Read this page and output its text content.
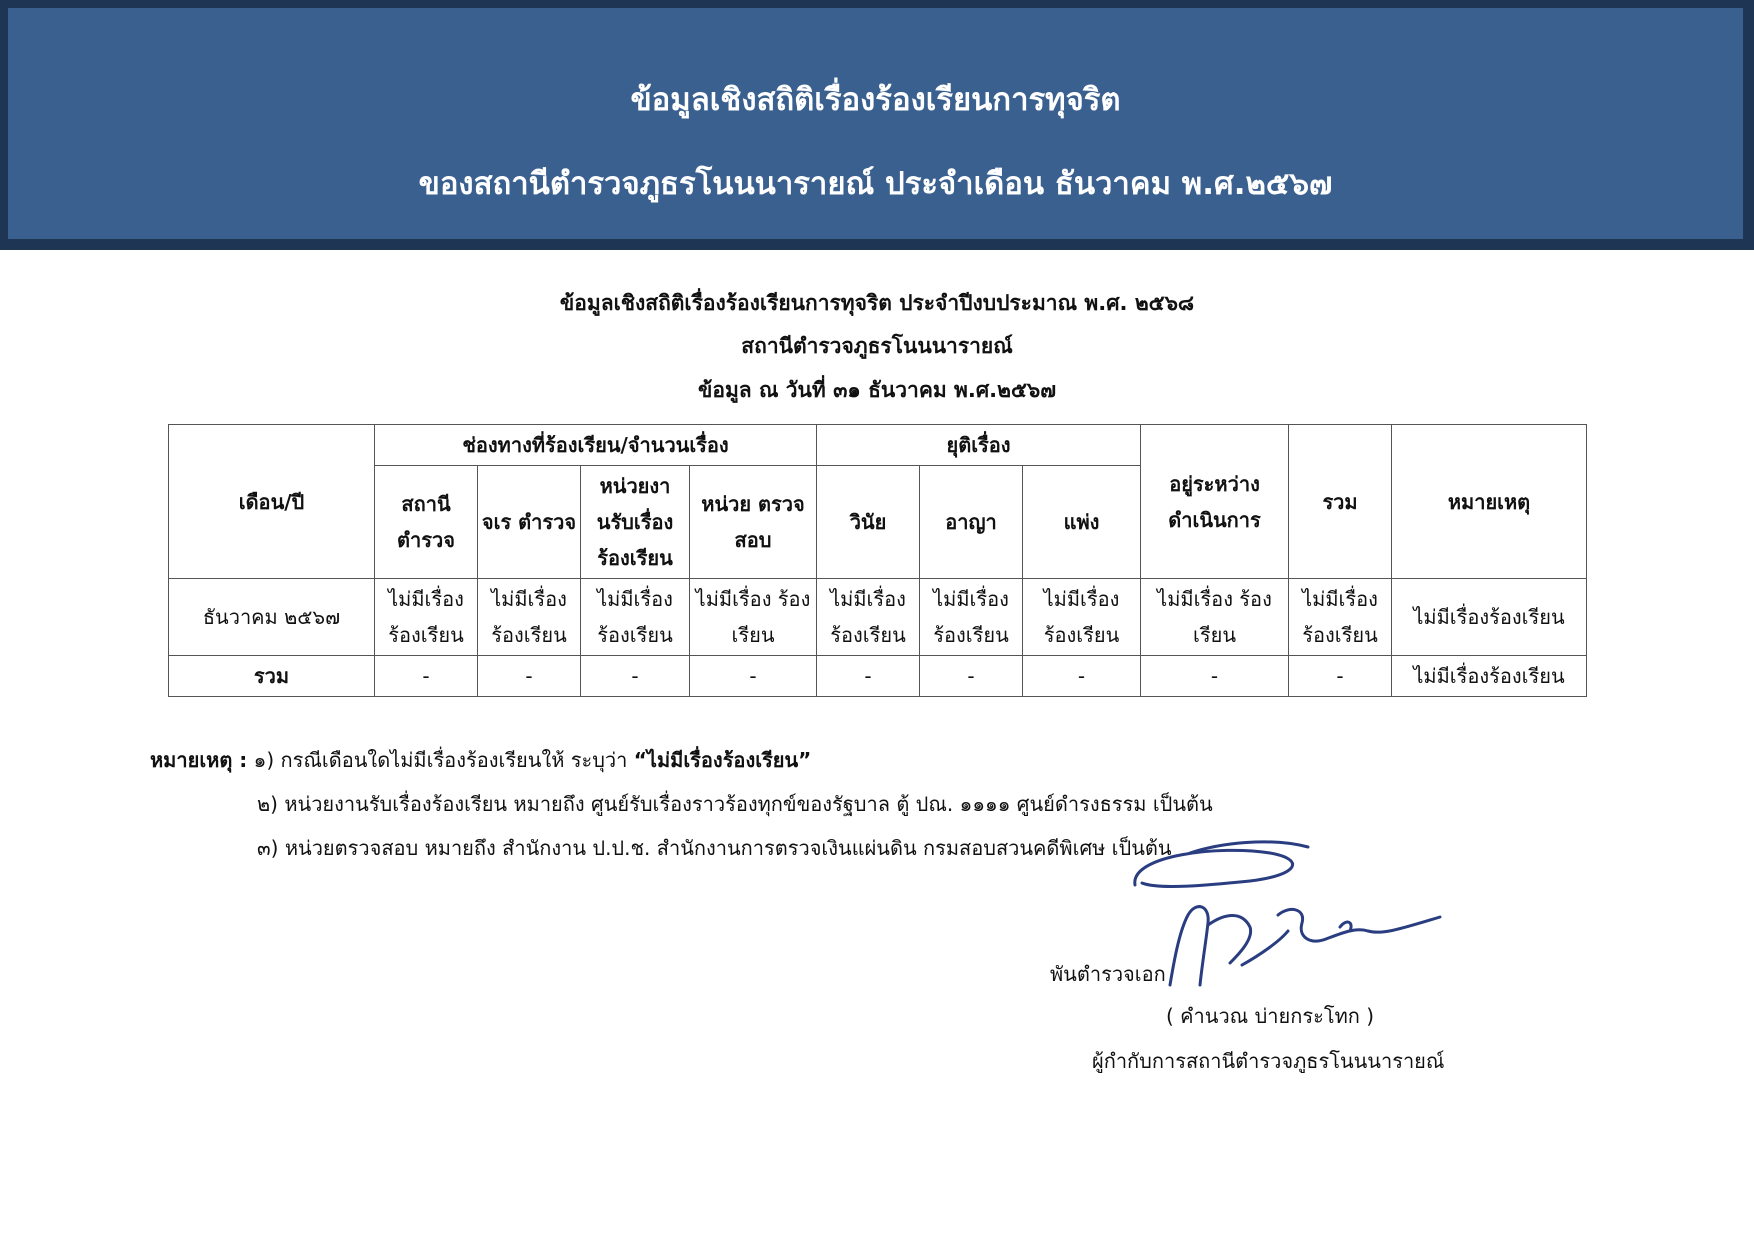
ข้อมูลเชิงสถิติเรื่องร้องเรียนการทุจริต
ของสถานีตำรวจภูธรโนนนารายณ์ ประจำเดือน ธันวาคม พ.ศ.๒๕๖๗
ข้อมูลเชิงสถิติเรื่องร้องเรียนการทุจริต ประจำปีงบประมาณ พ.ศ. ๒๕๖๘
สถานีตำรวจภูธรโนนนารายณ์
ข้อมูล ณ วันที่ ๓๑ ธันวาคม พ.ศ.๒๕๖๗
เดือน/ปี	ช่องทางที่ร้องเรียน/จำนวนเรื่อง				ยุติเรื่อง			อยู่ระหว่าง ดำเนินการ	รวม	หมายเหตุ
	สถานี ตำรวจ	จเร ตำรวจ	หน่วยงา นรับเรื่อง ร้องเรียน	หน่วย ตรวจสอบ	วินัย	อาญา	แพ่ง			
ธันวาคม ๒๕๖๗	ไม่มีเรื่อง ร้องเรียน	ไม่มีเรื่อง ร้องเรียน	ไม่มีเรื่อง ร้องเรียน	ไม่มีเรื่อง ร้องเรียน	ไม่มีเรื่อง ร้องเรียน	ไม่มีเรื่อง ร้องเรียน	ไม่มีเรื่อง ร้องเรียน	ไม่มีเรื่อง ร้องเรียน	ไม่มีเรื่อง ร้องเรียน	ไม่มีเรื่องร้องเรียน
รวม	-	-	-	-	-	-	-	-	-	ไม่มีเรื่องร้องเรียน
หมายเหตุ : ๑) กรณีเดือนใดไม่มีเรื่องร้องเรียนให้ ระบุว่า “ไม่มีเรื่องร้องเรียน”
๒) หน่วยงานรับเรื่องร้องเรียน หมายถึง ศูนย์รับเรื่องราวร้องทุกข์ของรัฐบาล ตู้ ปณ. ๑๑๑๑ ศูนย์ดำรงธรรม เป็นต้น
๓) หน่วยตรวจสอบ หมายถึง สำนักงาน ป.ป.ช. สำนักงานการตรวจเงินแผ่นดิน กรมสอบสวนคดีพิเศษ เป็นต้น
พันตำรวจเอก
( คำนวณ บ่ายกระโทก )
ผู้กำกับการสถานีตำรวจภูธรโนนนารายณ์
